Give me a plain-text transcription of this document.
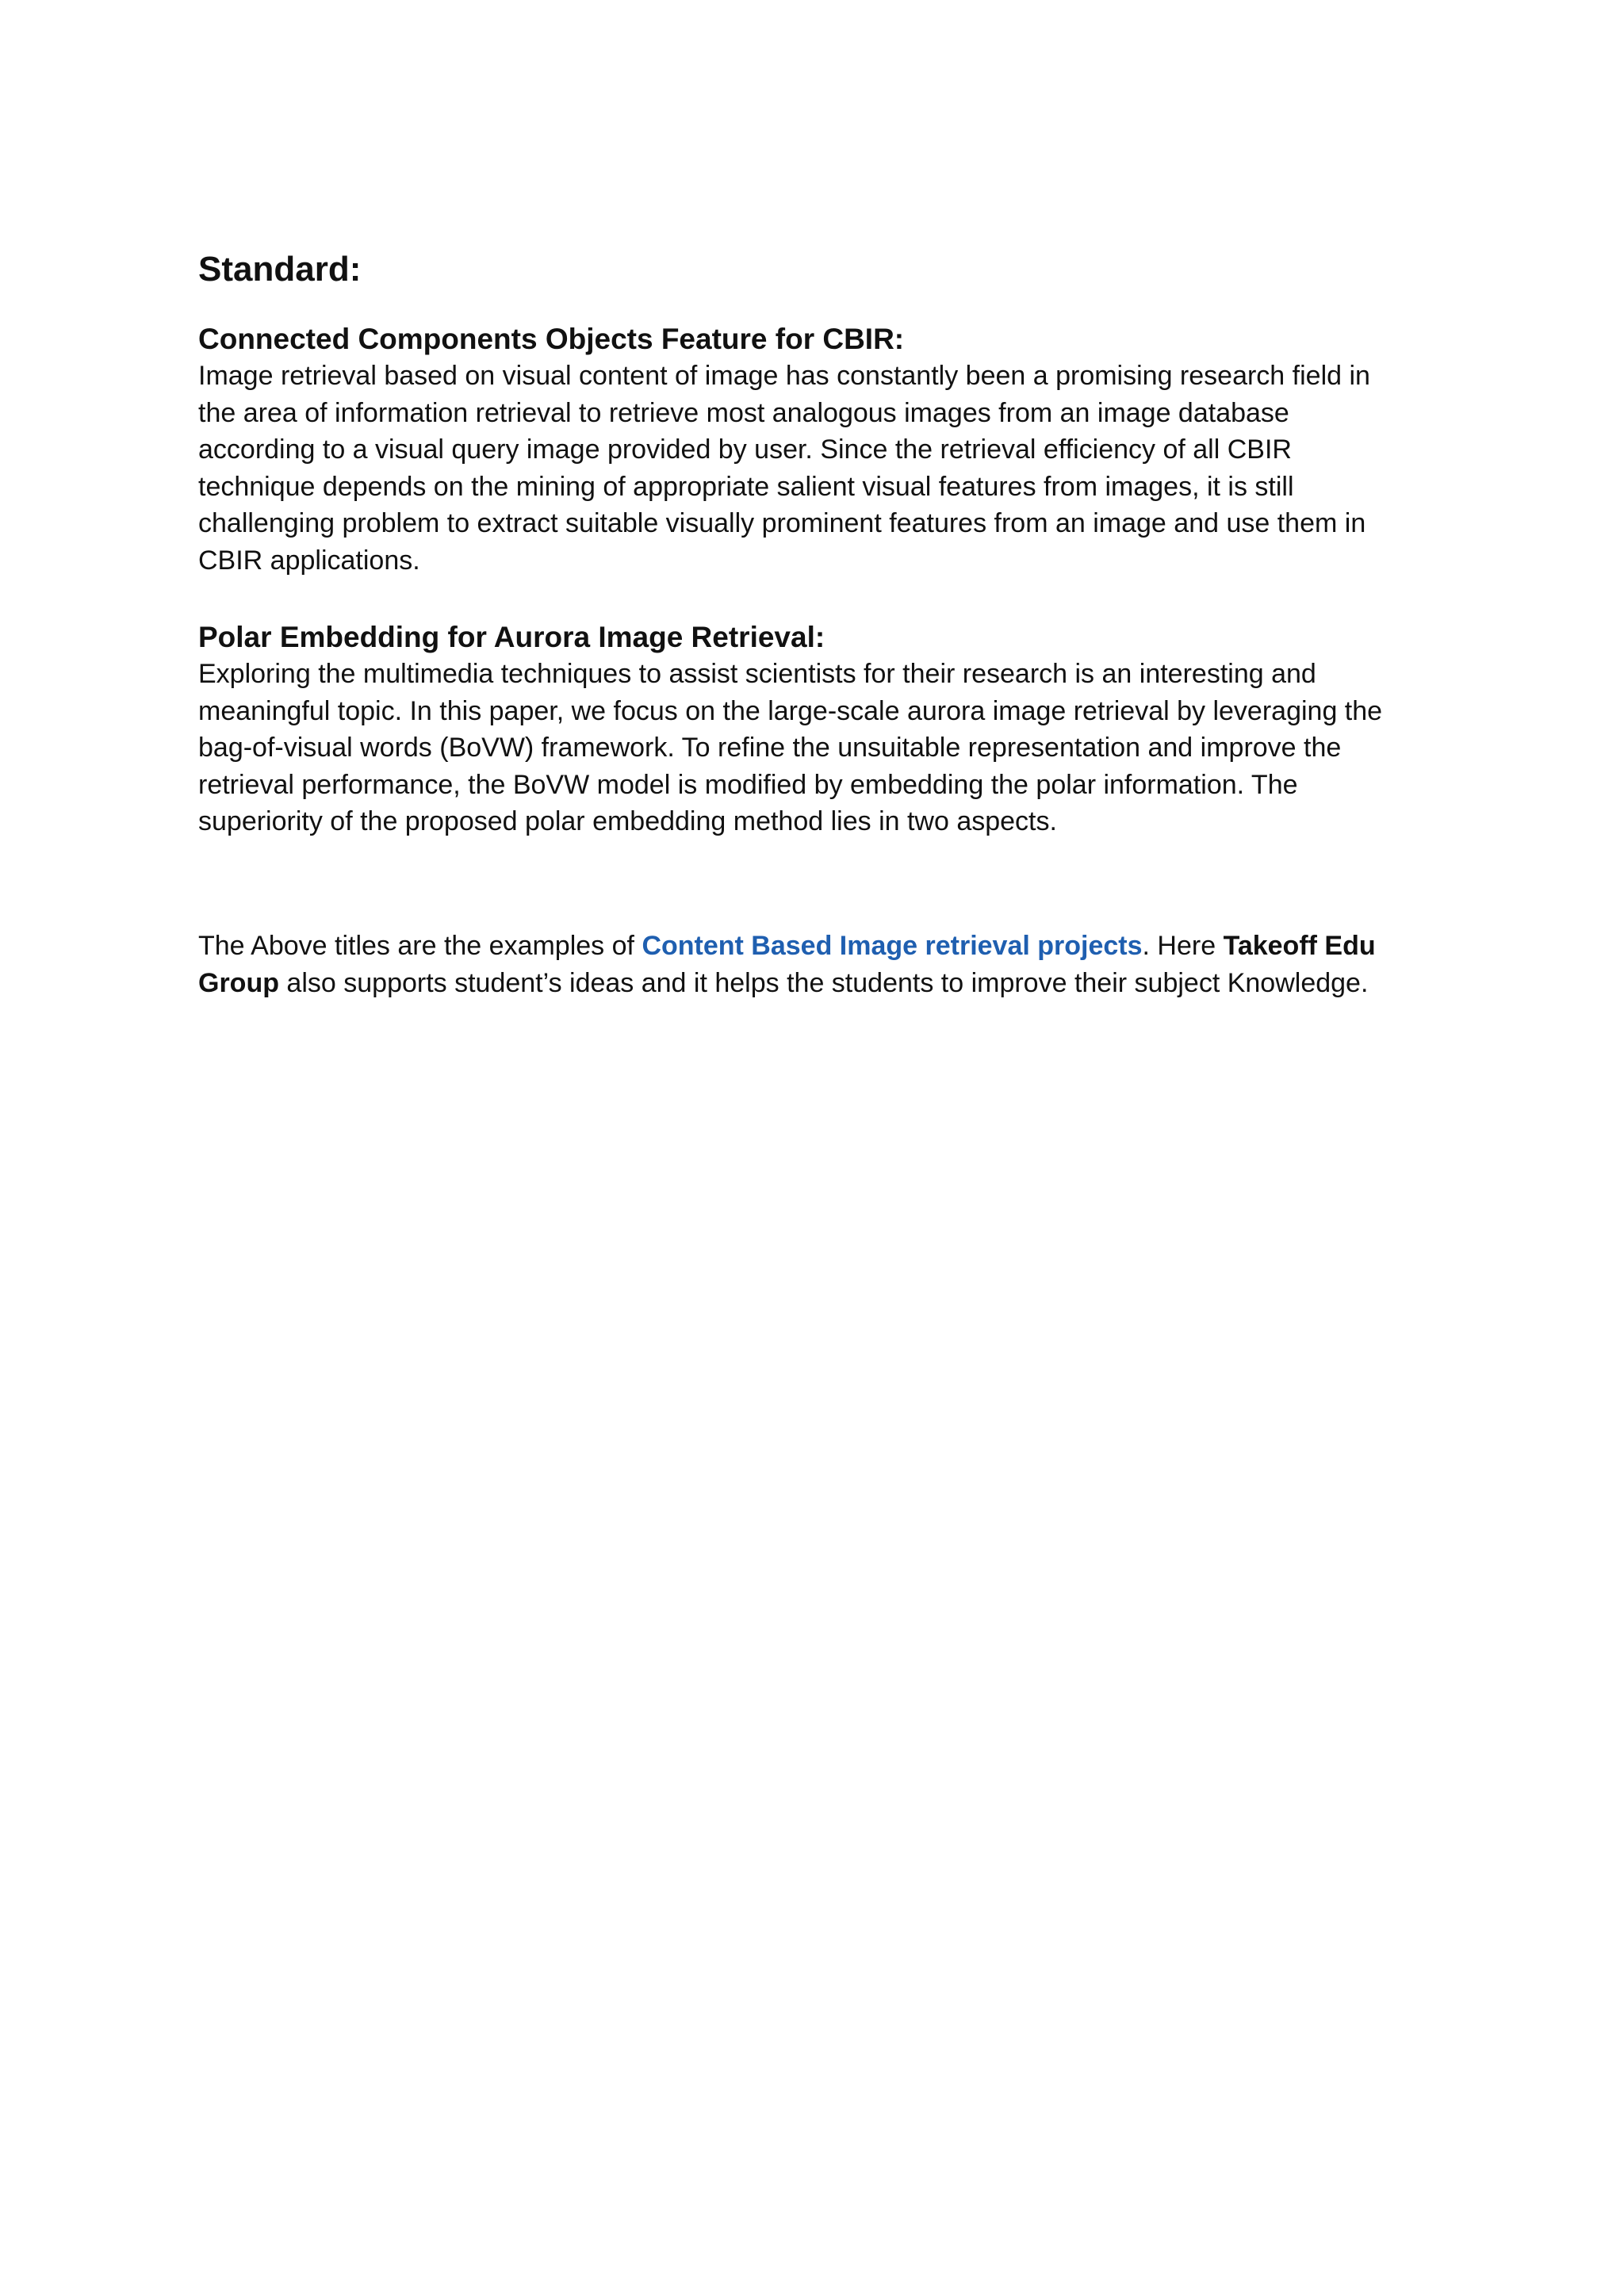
Standard:
Connected Components Objects Feature for CBIR:

Image retrieval based on visual content of image has constantly been a promising research field in
the area of information retrieval to retrieve most analogous images from an image database
according to a visual query image provided by user. Since the retrieval efficiency of all CBIR
technique depends on the mining of appropriate salient visual features from images, it is still
challenging problem to extract suitable visually prominent features from an image and use them in
CBIR applications.

Polar Embedding for Aurora Image Retrieval:

Exploring the multimedia techniques to assist scientists for their research is an interesting and
meaningful topic. In this paper, we focus on the large-scale aurora image retrieval by leveraging the
bag-of-visual words (BoVW) framework. To refine the unsuitable representation and improve the
retrieval performance, the BoVW model is modified by embedding the polar information. The
superiority of the proposed polar embedding method lies in two aspects.

The Above titles are the examples of Content Based Image retrieval projects. Here Takeoff Edu
Group also supports student’s ideas and it helps the students to improve their subject Knowledge.
